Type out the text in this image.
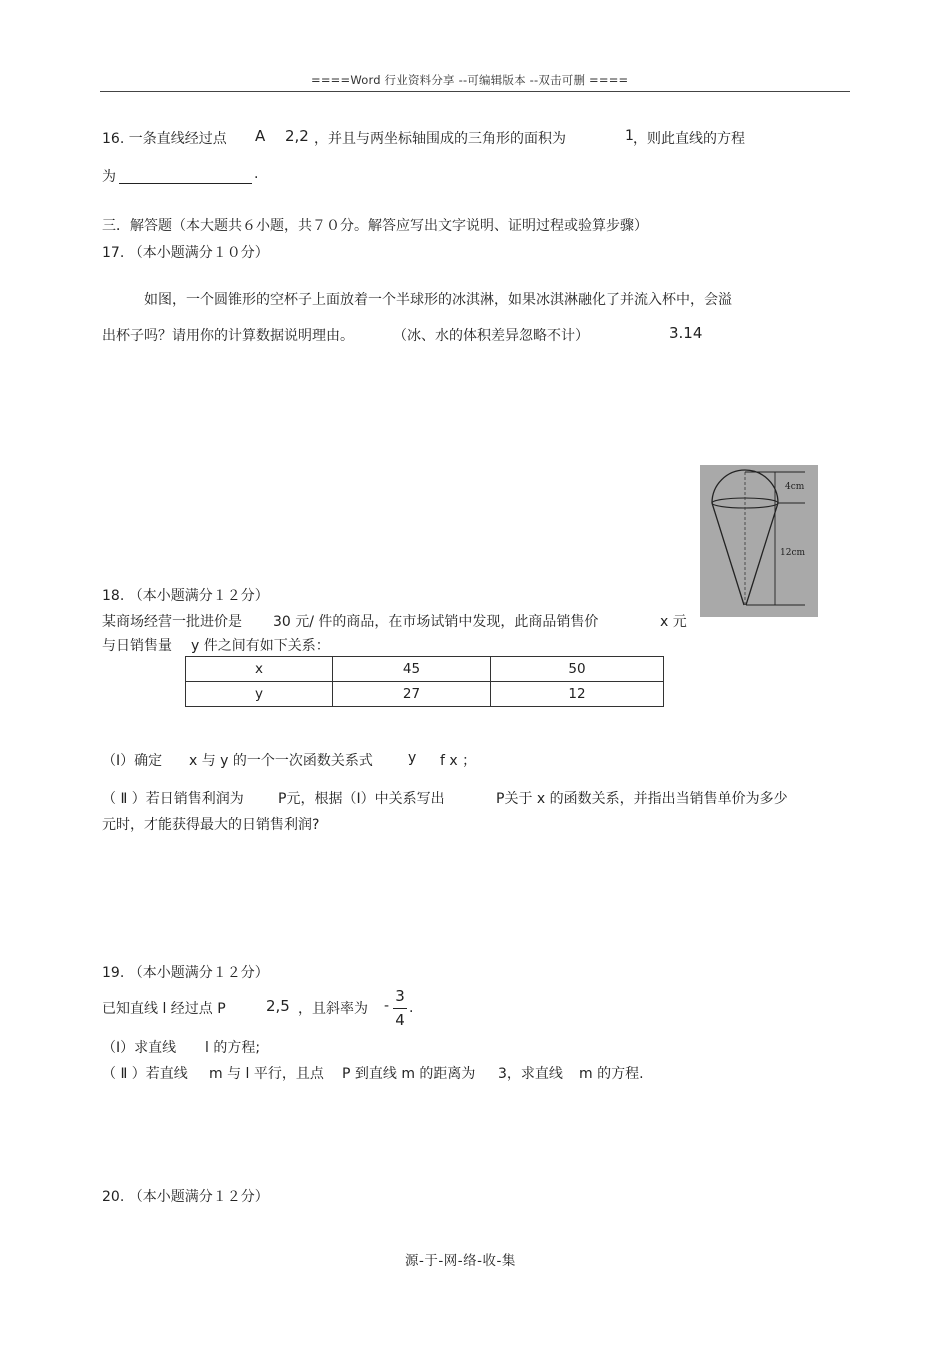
====Word 行业资料分享 --可编辑版本 --双击可删 ====
16. 一条直线经过点 A 2,2 ，并且与两坐标轴围成的三角形的面积为	1 ，则此直线的方程
为	.
三．解答题（本大题共６小题，共７０分。解答应写出文字说明、证明过程或验算步骤）
17. （本小题满分１０分）
如图，一个圆锥形的空杯子上面放着一个半球形的冰淇淋，如果冰淇淋融化了并流入杯中，会溢
出杯子吗？请用你的计算数据说明理由。	（冰、水的体积差异忽略不计）	3.14
4cm
12cm
18. （本小题满分１２分）
某商场经营一批进价是 30 元/ 件的商品，在市场试销中发现，此商品销售价	x 元
与日销售量 y 件之间有如下关系：
x	45	50
y	27	12
（Ⅰ）确定 x 与 y 的一个一次函数关系式	y f x ；
（ Ⅱ ）若日销售利润为 P元，根据（Ⅰ）中关系写出	P关于 x 的函数关系，并指出当销售单价为多少
元时，才能获得最大的日销售利润?
19. （本小题满分１２分）
已知直线 l 经过点 P	2,5 ，且斜率为 -
3
4
.
（Ⅰ）求直线 l 的方程;
（ Ⅱ ）若直线 m 与 l 平行，且点 P 到直线 m 的距离为 3，求直线 m 的方程.
20. （本小题满分１２分）
源-于-网-络-收-集
